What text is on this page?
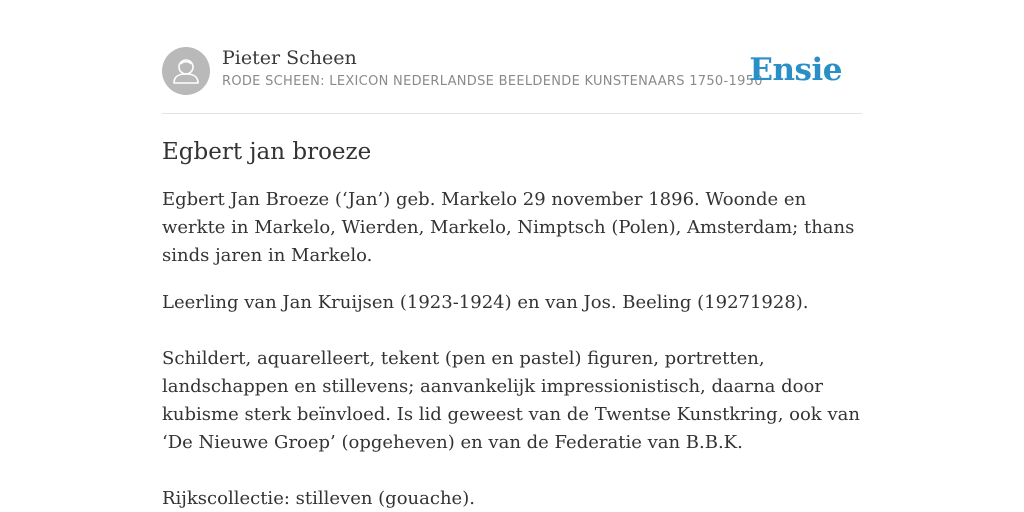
Pieter Scheen
RODE SCHEEN: LEXICON NEDERLANDSE BEELDENDE KUNSTENAARS 1750-1950
Ensie
Egbert jan broeze

Egbert Jan Broeze (‘Jan’) geb. Markelo 29 november 1896. Woonde en werkte in Markelo, Wierden, Markelo, Nimptsch (Polen), Amsterdam; thans sinds jaren in Markelo.

Leerling van Jan Kruijsen (1923-1924) en van Jos. Beeling (19271928).

Schildert, aquarelleert, tekent (pen en pastel) figuren, portretten, landschappen en stillevens; aanvankelijk impressionistisch, daarna door kubisme sterk beïnvloed. Is lid geweest van de Twentse Kunstkring, ook van ‘De Nieuwe Groep’ (opgeheven) en van de Federatie van B.B.K.

Rijkscollectie: stilleven (gouache).
